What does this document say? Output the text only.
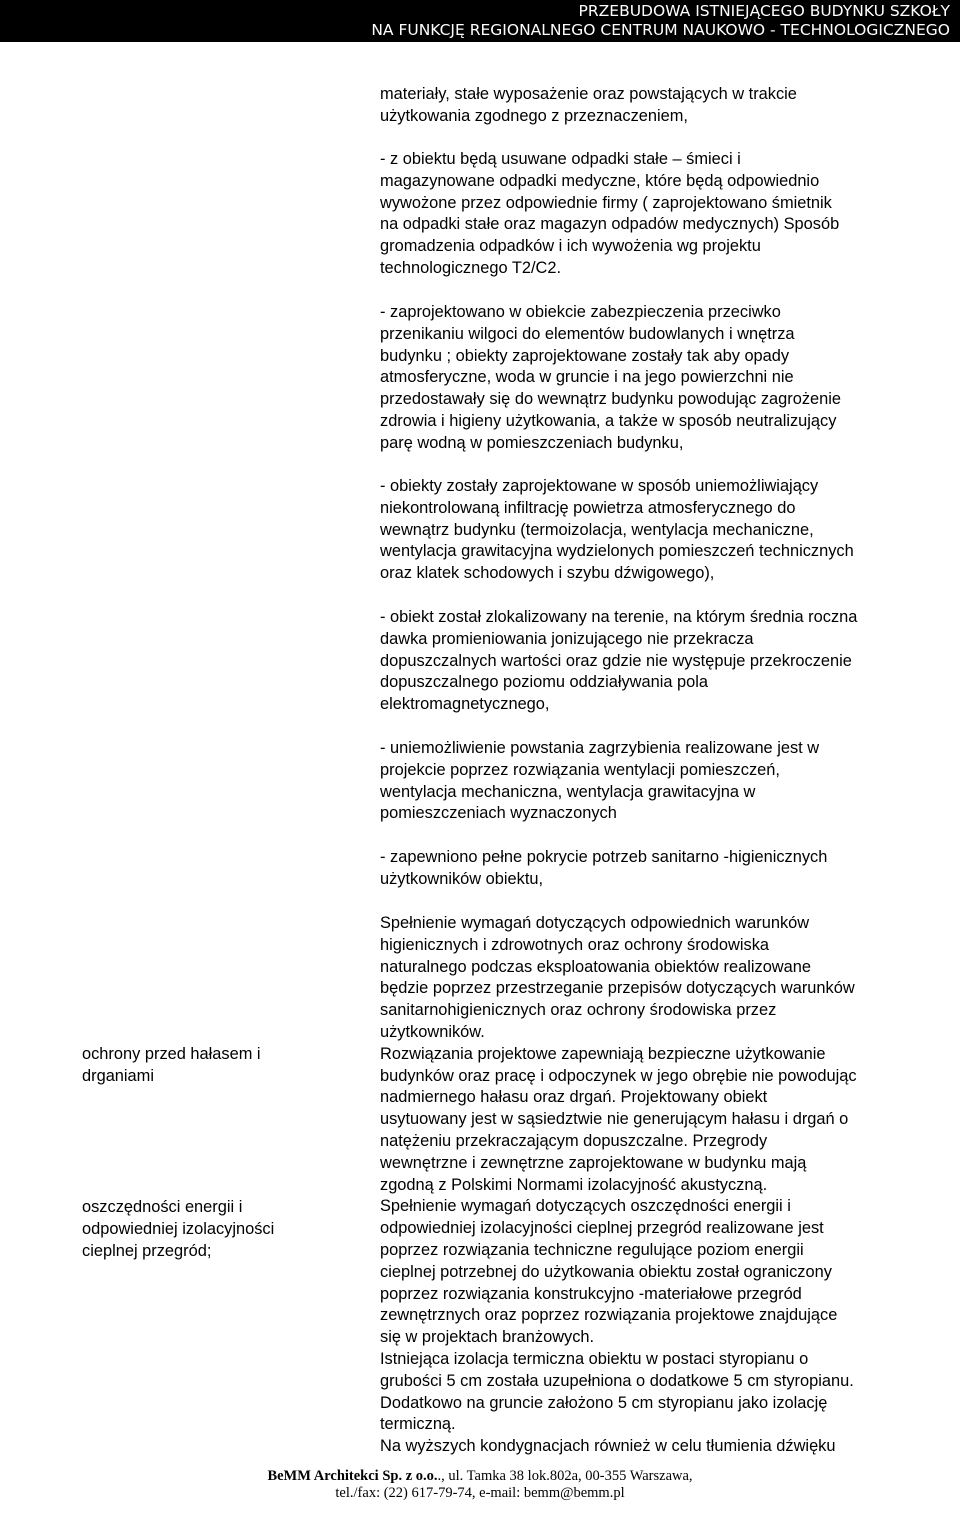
PRZEBUDOWA ISTNIEJĄCEGO BUDYNKU SZKOŁY
NA FUNKCJĘ REGIONALNEGO CENTRUM NAUKOWO - TECHNOLOGICZNEGO
materiały, stałe wyposażenie oraz powstających w trakcie
użytkowania zgodnego z przeznaczeniem,
- z obiektu będą usuwane odpadki stałe – śmieci i
magazynowane odpadki medyczne, które będą odpowiednio
wywożone przez odpowiednie firmy ( zaprojektowano śmietnik
na odpadki stałe oraz magazyn odpadów medycznych) Sposób
gromadzenia odpadków i ich wywożenia wg projektu
technologicznego T2/C2.
- zaprojektowano w obiekcie zabezpieczenia przeciwko
przenikaniu wilgoci do elementów budowlanych i wnętrza
budynku ; obiekty zaprojektowane zostały tak aby opady
atmosferyczne, woda w gruncie i na jego powierzchni nie
przedostawały się do wewnątrz budynku powodując zagrożenie
zdrowia i higieny użytkowania, a także w sposób neutralizujący
parę wodną w pomieszczeniach budynku,
- obiekty zostały zaprojektowane w sposób uniemożliwiający
niekontrolowaną infiltrację powietrza atmosferycznego do
wewnątrz budynku (termoizolacja, wentylacja mechaniczne,
wentylacja grawitacyjna wydzielonych pomieszczeń technicznych
oraz klatek schodowych i szybu dźwigowego),
- obiekt został zlokalizowany na terenie, na którym średnia roczna
dawka promieniowania jonizującego nie przekracza
dopuszczalnych wartości oraz gdzie nie występuje przekroczenie
dopuszczalnego poziomu oddziaływania pola
elektromagnetycznego,
- uniemożliwienie powstania zagrzybienia realizowane jest w
projekcie poprzez rozwiązania wentylacji pomieszczeń,
wentylacja mechaniczna, wentylacja grawitacyjna w
pomieszczeniach wyznaczonych
- zapewniono pełne pokrycie potrzeb sanitarno -higienicznych
użytkowników obiektu,
Spełnienie wymagań dotyczących odpowiednich warunków
higienicznych i zdrowotnych oraz ochrony środowiska
naturalnego podczas eksploatowania obiektów realizowane
będzie poprzez przestrzeganie przepisów dotyczących warunków
sanitarnohigienicznych oraz ochrony środowiska przez
użytkowników.
Rozwiązania projektowe zapewniają bezpieczne użytkowanie
budynków oraz pracę i odpoczynek w jego obrębie nie powodując
nadmiernego hałasu oraz drgań. Projektowany obiekt
usytuowany jest w sąsiedztwie nie generującym hałasu i drgań o
natężeniu przekraczającym dopuszczalne. Przegrody
wewnętrzne i zewnętrzne zaprojektowane w budynku mają
zgodną z Polskimi Normami izolacyjność akustyczną.
Spełnienie wymagań dotyczących oszczędności energii i
odpowiedniej izolacyjności cieplnej przegród realizowane jest
poprzez rozwiązania techniczne regulujące poziom energii
cieplnej potrzebnej do użytkowania obiektu został ograniczony
poprzez rozwiązania konstrukcyjno -materiałowe przegród
zewnętrznych oraz poprzez rozwiązania projektowe znajdujące
się w projektach branżowych.
Istniejąca izolacja termiczna obiektu w postaci styropianu o
grubości 5 cm została uzupełniona o dodatkowe 5 cm styropianu.
Dodatkowo na gruncie założono 5 cm styropianu jako izolację
termiczną.
Na wyższych kondygnacjach również w celu tłumienia dźwięku
ochrony przed hałasem i
drganiami
oszczędności energii i
odpowiedniej izolacyjności
cieplnej przegród;
BeMM Architekci Sp. z o.o.., ul. Tamka 38 lok.802a, 00-355 Warszawa,
tel./fax: (22) 617-79-74, e-mail: bemm@bemm.pl
